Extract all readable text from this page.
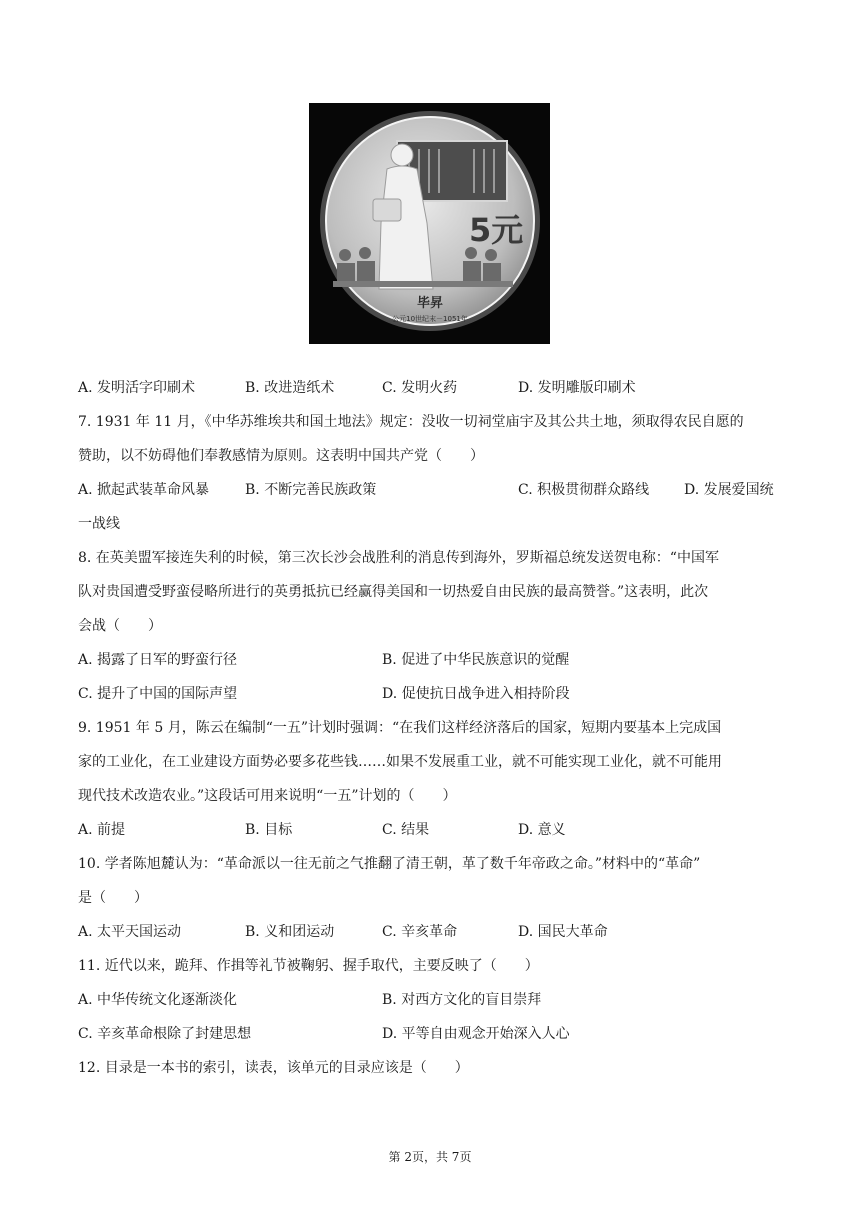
5元
毕昇
公元10世纪末－1051年
A. 发明活字印刷术	B. 改进造纸术	C. 发明火药	D. 发明雕版印刷术
7. 1931 年 11 月，《中华苏维埃共和国土地法》规定：没收一切祠堂庙宇及其公共土地，须取得农民自愿的
赞助，以不妨碍他们奉教感情为原则。这表明中国共产党（　　）
A. 掀起武装革命风暴	B. 不断完善民族政策	C. 积极贯彻群众路线 D. 发展爱国统
一战线
8. 在英美盟军接连失利的时候，第三次长沙会战胜利的消息传到海外，罗斯福总统发送贺电称：“中国军
队对贵国遭受野蛮侵略所进行的英勇抵抗已经赢得美国和一切热爱自由民族的最高赞誉。”这表明，此次
会战（　　）
A. 揭露了日军的野蛮行径	B. 促进了中华民族意识的觉醒
C. 提升了中国的国际声望	D. 促使抗日战争进入相持阶段
9. 1951 年 5 月，陈云在编制“一五”计划时强调：“在我们这样经济落后的国家，短期内要基本上完成国
家的工业化，在工业建设方面势必要多花些钱……如果不发展重工业，就不可能实现工业化，就不可能用
现代技术改造农业。”这段话可用来说明“一五”计划的（　　）
A. 前提	B. 目标	C. 结果	D. 意义
10. 学者陈旭麓认为：“革命派以一往无前之气推翻了清王朝，革了数千年帝政之命。”材料中的“革命”
是（　　）
A. 太平天国运动	B. 义和团运动	C. 辛亥革命	D. 国民大革命
11. 近代以来，跪拜、作揖等礼节被鞠躬、握手取代，主要反映了（　　）
A. 中华传统文化逐渐淡化	B. 对西方文化的盲目崇拜
C. 辛亥革命根除了封建思想	D. 平等自由观念开始深入人心
12. 目录是一本书的索引，读表，该单元的目录应该是（　　）
第 2页，共 7页
